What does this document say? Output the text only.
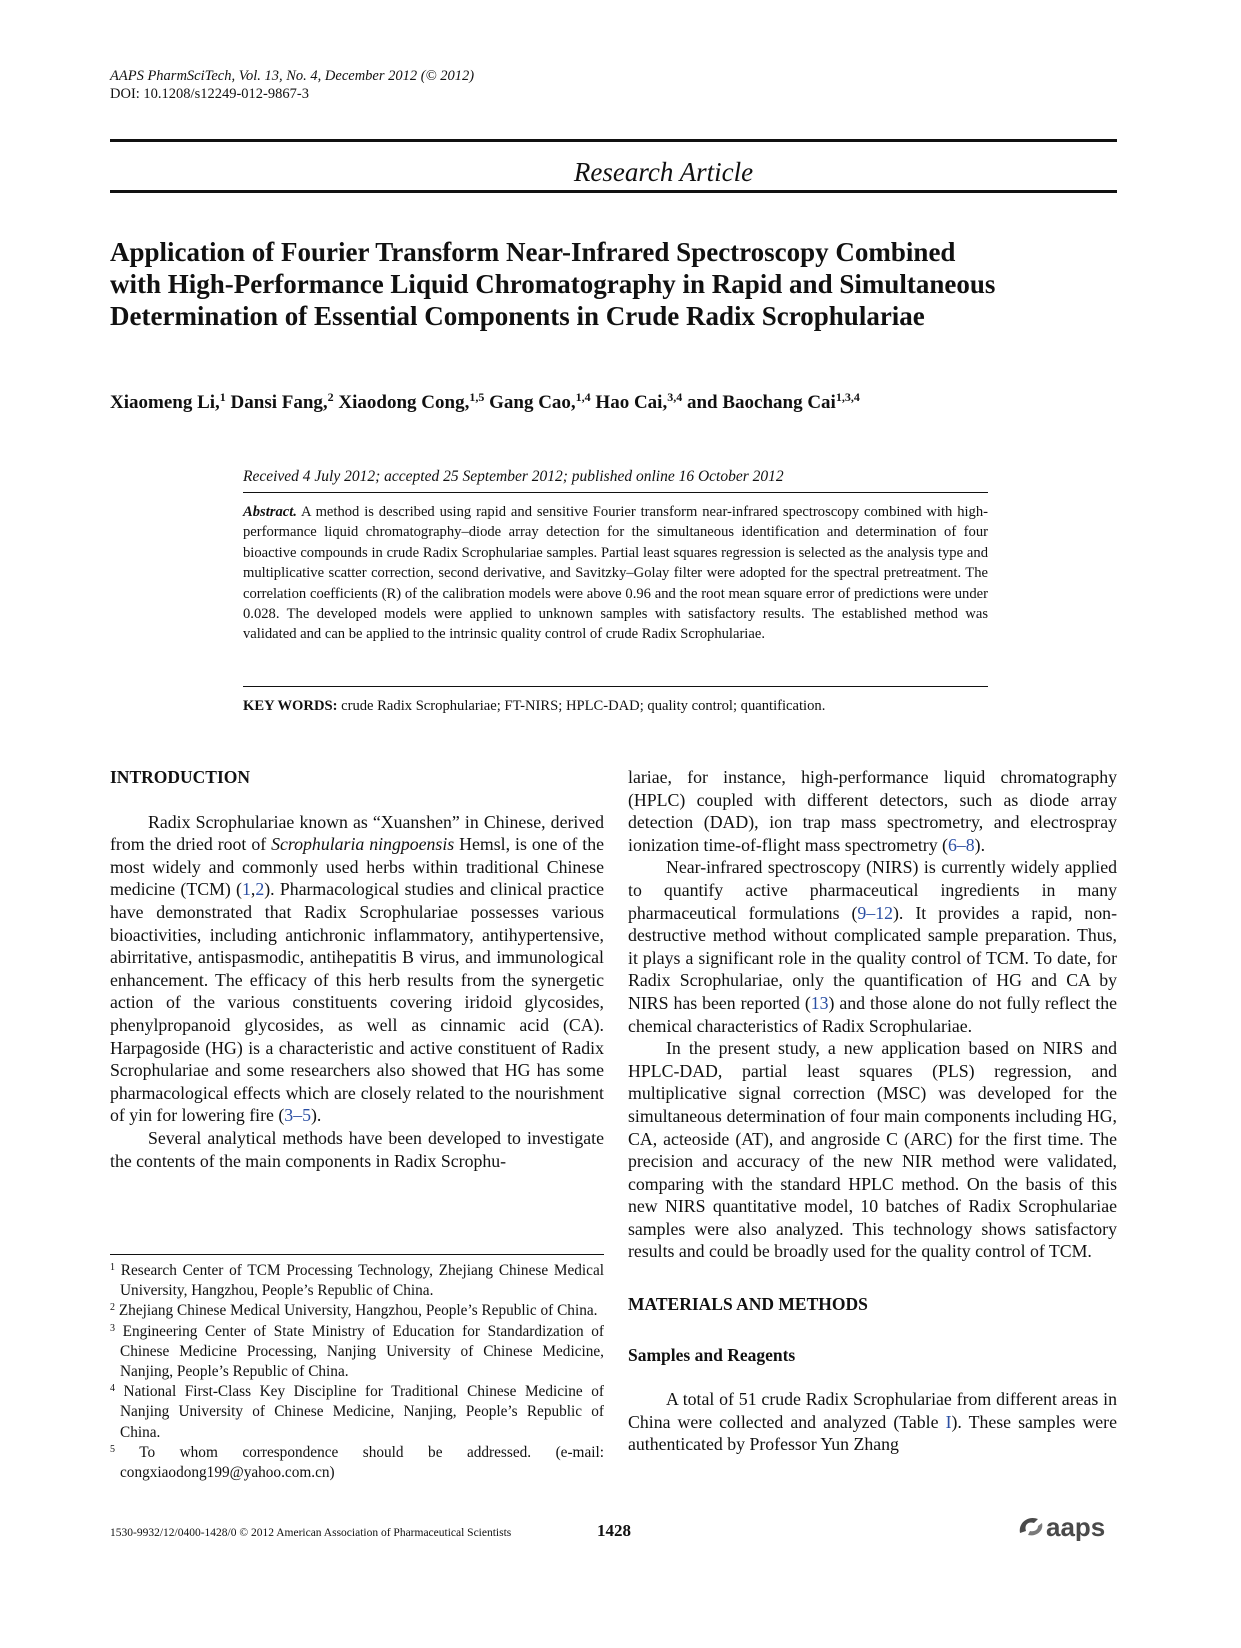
AAPS PharmSciTech, Vol. 13, No. 4, December 2012 (© 2012)
DOI: 10.1208/s12249-012-9867-3
Research Article
Application of Fourier Transform Near-Infrared Spectroscopy Combined
with High-Performance Liquid Chromatography in Rapid and Simultaneous
Determination of Essential Components in Crude Radix Scrophulariae
Xiaomeng Li,$^1$ Dansi Fang,$^2$ Xiaodong Cong,$^{1,5}$ Gang Cao,$^{1,4}$ Hao Cai,$^{3,4}$ and Baochang Cai$^{1,3,4}$
Received 4 July 2012; accepted 25 September 2012; published online 16 October 2012
Abstract. A method is described using rapid and sensitive Fourier transform near-infrared spectroscopy combined with high-performance liquid chromatography–diode array detection for the simultaneous identification and determination of four bioactive compounds in crude Radix Scrophulariae samples. Partial least squares regression is selected as the analysis type and multiplicative scatter correction, second derivative, and Savitzky–Golay filter were adopted for the spectral pretreatment. The correlation coefficients (R) of the calibration models were above 0.96 and the root mean square error of predictions were under 0.028. The developed models were applied to unknown samples with satisfactory results. The established method was validated and can be applied to the intrinsic quality control of crude Radix Scrophulariae.
KEY WORDS: crude Radix Scrophulariae; FT-NIRS; HPLC-DAD; quality control; quantification.
INTRODUCTION

Radix Scrophulariae known as “Xuanshen” in Chinese, derived from the dried root of Scrophularia ningpoensis Hemsl, is one of the most widely and commonly used herbs within traditional Chinese medicine (TCM) (1,2). Pharmacological studies and clinical practice have demonstrated that Radix Scrophulariae possesses various bioactivities, including antichronic inflammatory, antihypertensive, abirritative, antispasmodic, antihepatitis B virus, and immunological enhancement. The efficacy of this herb results from the synergetic action of the various constituents covering iridoid glycosides, phenylpropanoid glycosides, as well as cinnamic acid (CA). Harpagoside (HG) is a characteristic and active constituent of Radix Scrophulariae and some researchers also showed that HG has some pharmacological effects which are closely related to the nourishment of yin for lowering fire (3–5).

Several analytical methods have been developed to investigate the contents of the main components in Radix Scrophu-

$^1$ Research Center of TCM Processing Technology, Zhejiang Chinese Medical University, Hangzhou, People’s Republic of China.
$^2$ Zhejiang Chinese Medical University, Hangzhou, People’s Republic of China.
$^3$ Engineering Center of State Ministry of Education for Standardization of Chinese Medicine Processing, Nanjing University of Chinese Medicine, Nanjing, People’s Republic of China.
$^4$ National First-Class Key Discipline for Traditional Chinese Medicine of Nanjing University of Chinese Medicine, Nanjing, People’s Republic of China.
$^5$ To whom correspondence should be addressed. (e-mail: congxiaodong199@yahoo.com.cn)

lariae, for instance, high-performance liquid chromatography (HPLC) coupled with different detectors, such as diode array detection (DAD), ion trap mass spectrometry, and electrospray ionization time-of-flight mass spectrometry (6–8).

Near-infrared spectroscopy (NIRS) is currently widely applied to quantify active pharmaceutical ingredients in many pharmaceutical formulations (9–12). It provides a rapid, non-destructive method without complicated sample preparation. Thus, it plays a significant role in the quality control of TCM. To date, for Radix Scrophulariae, only the quantification of HG and CA by NIRS has been reported (13) and those alone do not fully reflect the chemical characteristics of Radix Scrophulariae.

In the present study, a new application based on NIRS and HPLC-DAD, partial least squares (PLS) regression, and multiplicative signal correction (MSC) was developed for the simultaneous determination of four main components including HG, CA, acteoside (AT), and angroside C (ARC) for the first time. The precision and accuracy of the new NIR method were validated, comparing with the standard HPLC method. On the basis of this new NIRS quantitative model, 10 batches of Radix Scrophulariae samples were also analyzed. This technology shows satisfactory results and could be broadly used for the quality control of TCM.

MATERIALS AND METHODS
Samples and Reagents

A total of 51 crude Radix Scrophulariae from different areas in China were collected and analyzed (Table I). These samples were authenticated by Professor Yun Zhang

1530-9932/12/0400-1428/0 © 2012 American Association of Pharmaceutical Scientists	1428	aaps
